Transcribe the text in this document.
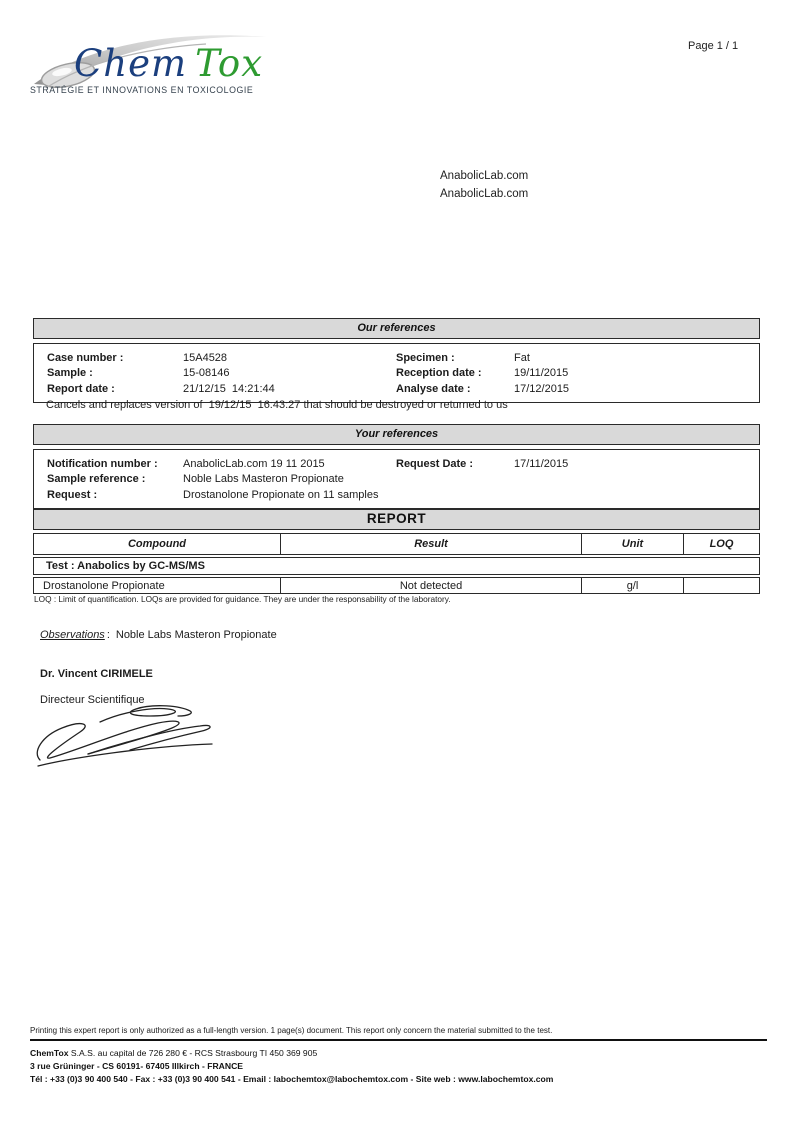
Chem Tox
STRATÉGIE ET INNOVATIONS EN TOXICOLOGIE
Page 1 / 1
AnabolicLab.com
AnabolicLab.com
Our references
Case number :	15A4528	Specimen :	Fat
Sample :	15-08146	Reception date :	19/11/2015
Report date :	21/12/15  14:21:44	Analyse date :	17/12/2015
Cancels and replaces version of  19/12/15  16:43:27 that should be destroyed or returned to us
Your references
Notification number :	AnabolicLab.com 19 11 2015	Request Date :	17/11/2015
Sample reference :	Noble Labs Masteron Propionate
Request :	Drostanolone Propionate on 11 samples
REPORT
Compound	Result	Unit	LOQ
Test : Anabolics by GC-MS/MS
Drostanolone Propionate	Not detected	g/l
LOQ : Limit of quantification. LOQs are provided for guidance. They are under the responsability of the laboratory.
Observations : Noble Labs Masteron Propionate
Dr. Vincent CIRIMELE
Directeur Scientifique
Printing this expert report is only authorized as a full-length version. 1 page(s) document. This report only concern the material submitted to the test.
ChemTox S.A.S. au capital de 726 280 € - RCS Strasbourg TI 450 369 905
3 rue Grüninger - CS 60191- 67405 Illkirch - FRANCE
Tél : +33 (0)3 90 400 540 - Fax : +33 (0)3 90 400 541 - Email : labochemtox@labochemtox.com - Site web : www.labochemtox.com
